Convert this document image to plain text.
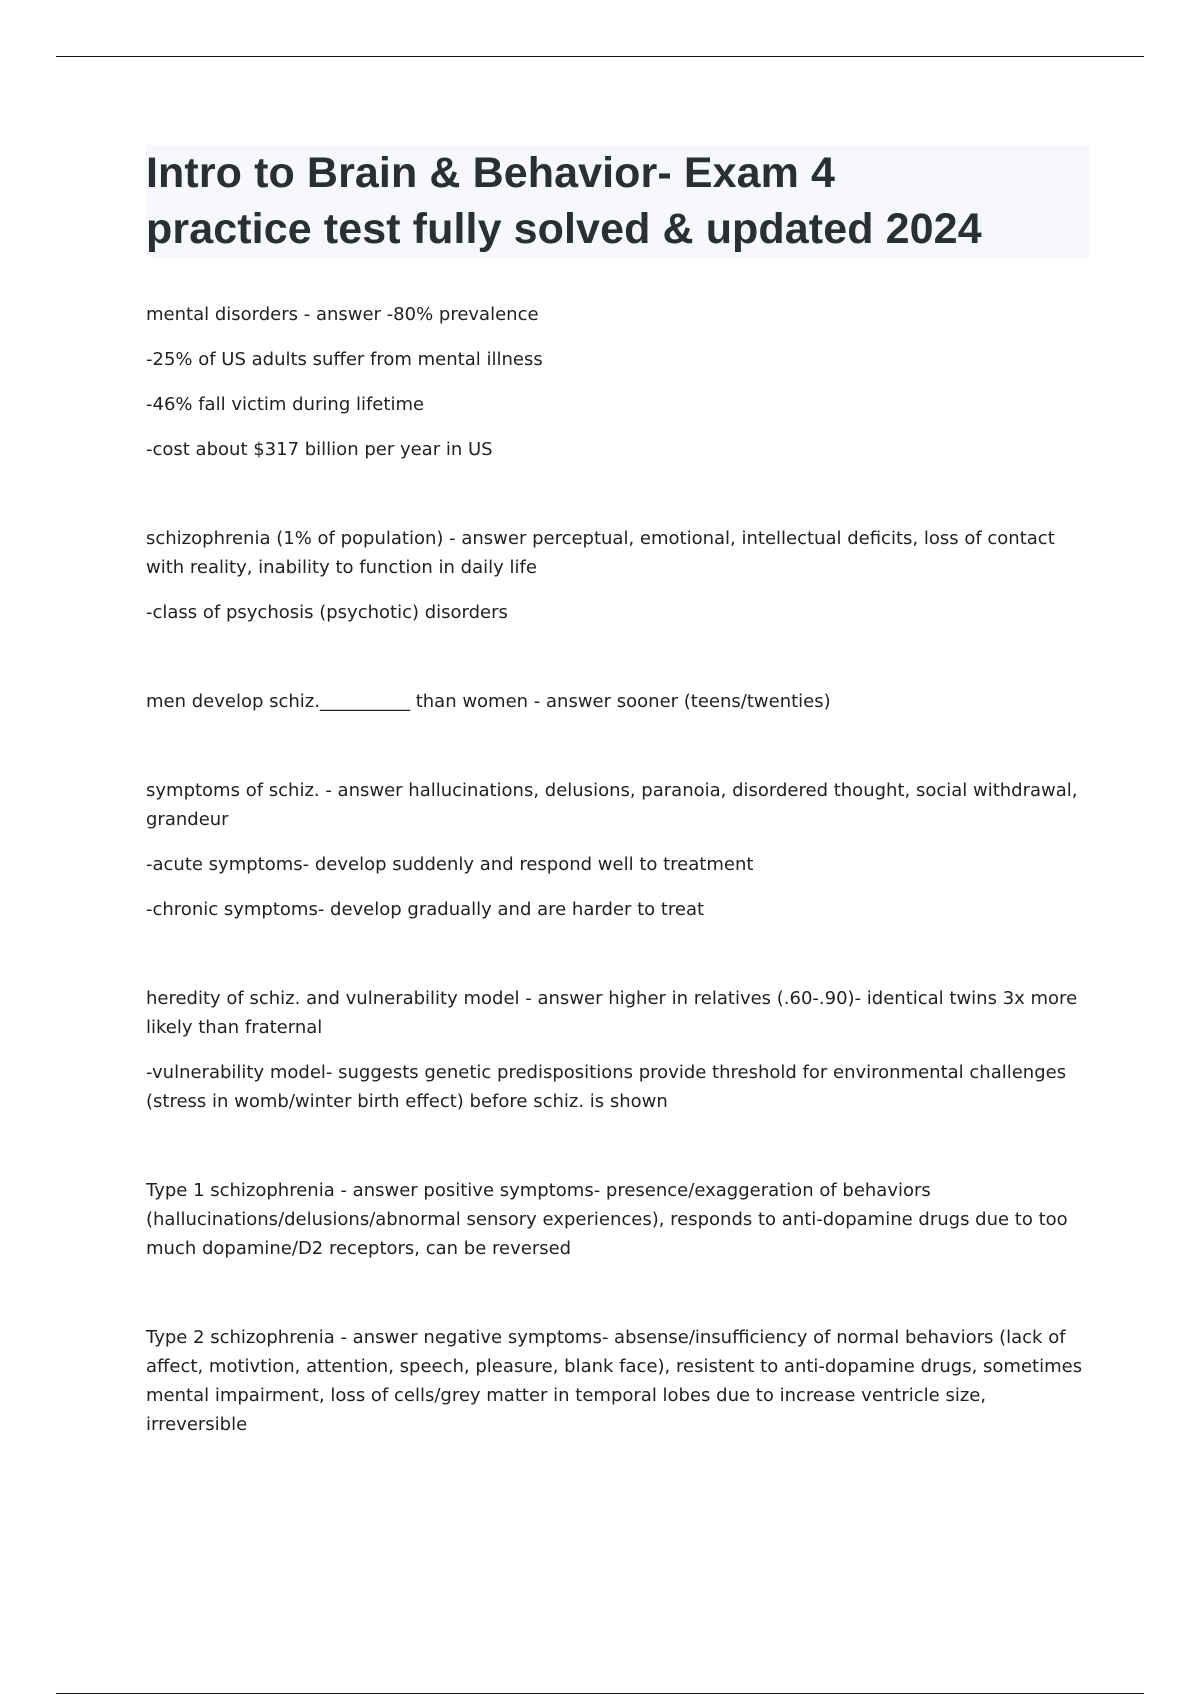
Intro to Brain & Behavior- Exam 4
practice test fully solved & updated 2024

mental disorders - answer -80% prevalence

-25% of US adults suffer from mental illness

-46% fall victim during lifetime

-cost about $317 billion per year in US

schizophrenia (1% of population) - answer perceptual, emotional, intellectual deficits, loss of contact with reality, inability to function in daily life

-class of psychosis (psychotic) disorders

men develop schiz.__________ than women - answer sooner (teens/twenties)

symptoms of schiz. - answer hallucinations, delusions, paranoia, disordered thought, social withdrawal, grandeur

-acute symptoms- develop suddenly and respond well to treatment

-chronic symptoms- develop gradually and are harder to treat

heredity of schiz. and vulnerability model - answer higher in relatives (.60-.90)- identical twins 3x more likely than fraternal

-vulnerability model- suggests genetic predispositions provide threshold for environmental challenges (stress in womb/winter birth effect) before schiz. is shown

Type 1 schizophrenia - answer positive symptoms- presence/exaggeration of behaviors (hallucinations/delusions/abnormal sensory experiences), responds to anti-dopamine drugs due to too much dopamine/D2 receptors, can be reversed

Type 2 schizophrenia - answer negative symptoms- absense/insufficiency of normal behaviors (lack of affect, motivtion, attention, speech, pleasure, blank face), resistent to anti-dopamine drugs, sometimes mental impairment, loss of cells/grey matter in temporal lobes due to increase ventricle size, irreversible
